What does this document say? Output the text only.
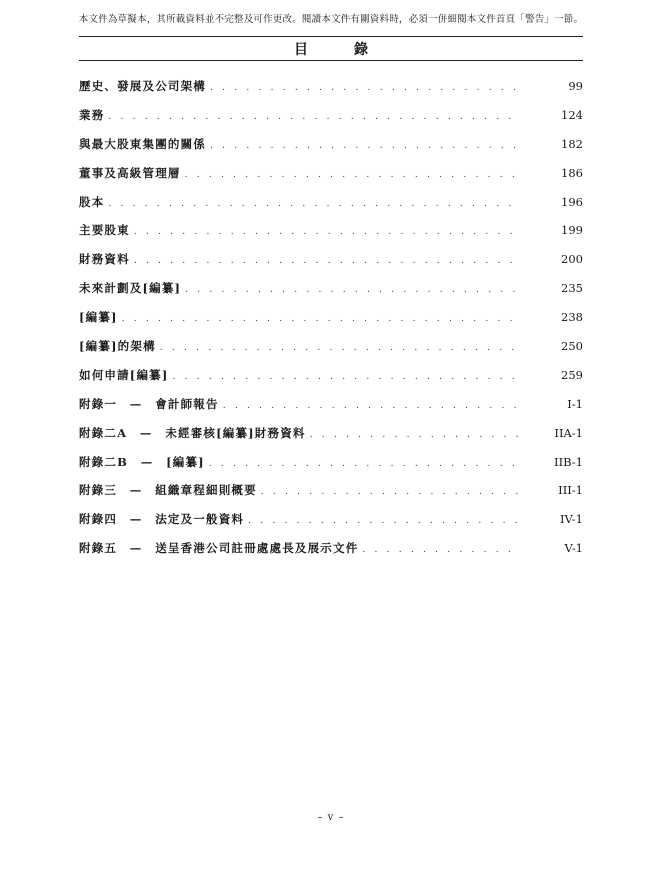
本文件為草擬本，其所載資料並不完整及可作更改。閱讀本文件有關資料時，必須一併細閱本文件首頁「警告」一節。
目　錄
歷史、發展及公司架構 . . .	99
業務 . . .	124
與最大股東集團的關係 . . .	182
董事及高級管理層 . . .	186
股本 . . .	196
主要股東 . . .	199
財務資料 . . .	200
未來計劃及[編纂] . . .	235
[編纂] . . .	238
[編纂]的架構 . . .	250
如何申請[編纂] . . .	259
附錄一　—　會計師報告 . . .	I-1
附錄二A　—　未經審核[編纂]財務資料 . . .	IIA-1
附錄二B　—　[編纂] . . .	IIB-1
附錄三　—　組織章程細則概要 . . .	III-1
附錄四　—　法定及一般資料 . . .	IV-1
附錄五　—　送呈香港公司註冊處處長及展示文件 . . .	V-1
– v –
